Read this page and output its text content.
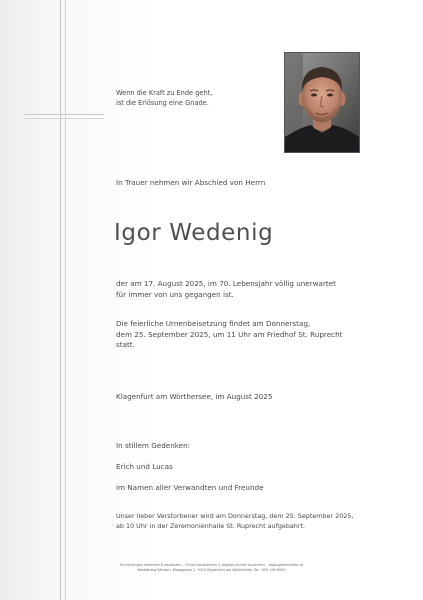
Wenn die Kraft zu Ende geht,
ist die Erlösung eine Gnade.
In Trauer nehmen wir Abschied von Herrn
Igor Wedenig
der am 17. August 2025, im 70. Lebensjahr völlig unerwartet
für immer von uns gegangen ist.
Die feierliche Urnenbeisetzung findet am Donnerstag,
dem 25. September 2025, um 11 Uhr am Friedhof St. Ruprecht
statt.
Klagenfurt am Wörthersee, im August 2025
In stillem Gedenken:
Erich und Lucas
im Namen aller Verwandten und Freunde
Unser lieber Verstorbener wird am Donnerstag, dem 25. September 2025,
ab 10 Uhr in der Zeremonienhalle St. Ruprecht aufgebahrt.
Erinnerungen sammeln & bewahren – Online kondolieren & digitale Kerzen anzünden – www.gedenkseite.at
Bestattung Kärnten, Waaggasse 2, 9020 Klagenfurt am Wörthersee, Tel.: 050 199 6600
